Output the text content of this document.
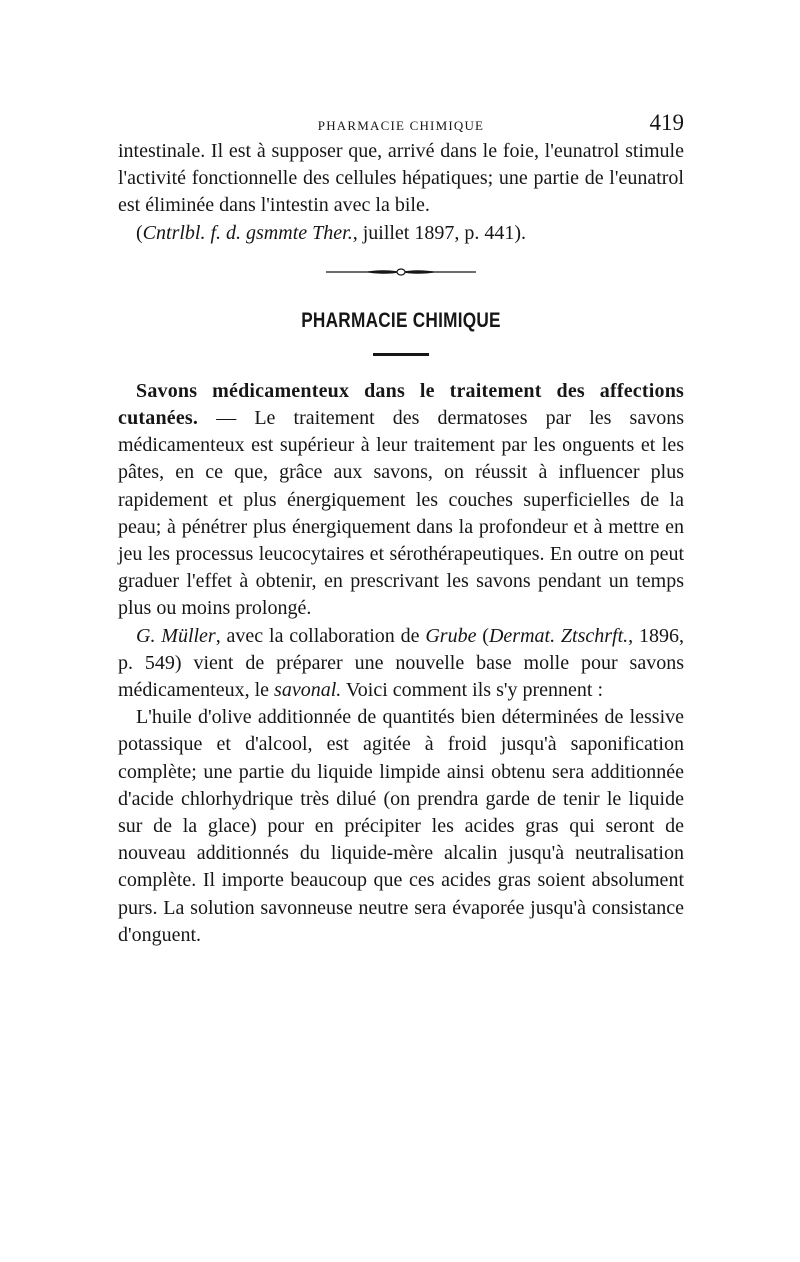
PHARMACIE CHIMIQUE	419

intestinale. Il est à supposer que, arrivé dans le foie, l'eunatrol stimule l'activité fonctionnelle des cellules hépatiques; une partie de l'eunatrol est éliminée dans l'intestin avec la bile.

(Cntrlbl. f. d. gsmmte Ther., juillet 1897, p. 441).

PHARMACIE CHIMIQUE

Savons médicamenteux dans le traitement des affections cutanées. — Le traitement des dermatoses par les savons médicamenteux est supérieur à leur traitement par les onguents et les pâtes, en ce que, grâce aux savons, on réussit à influencer plus rapidement et plus énergiquement les couches superficielles de la peau; à pénétrer plus énergiquement dans la profondeur et à mettre en jeu les processus leucocytaires et sérothérapeutiques. En outre on peut graduer l'effet à obtenir, en prescrivant les savons pendant un temps plus ou moins prolongé.

G. Müller, avec la collaboration de Grube (Dermat. Ztschrft., 1896, p. 549) vient de préparer une nouvelle base molle pour savons médicamenteux, le savonal. Voici comment ils s'y prennent :

L'huile d'olive additionnée de quantités bien déterminées de lessive potassique et d'alcool, est agitée à froid jusqu'à saponification complète; une partie du liquide limpide ainsi obtenu sera additionnée d'acide chlorhydrique très dilué (on prendra garde de tenir le liquide sur de la glace) pour en précipiter les acides gras qui seront de nouveau additionnés du liquide-mère alcalin jusqu'à neutralisation complète. Il importe beaucoup que ces acides gras soient absolument purs. La solution savonneuse neutre sera évaporée jusqu'à consistance d'onguent.
